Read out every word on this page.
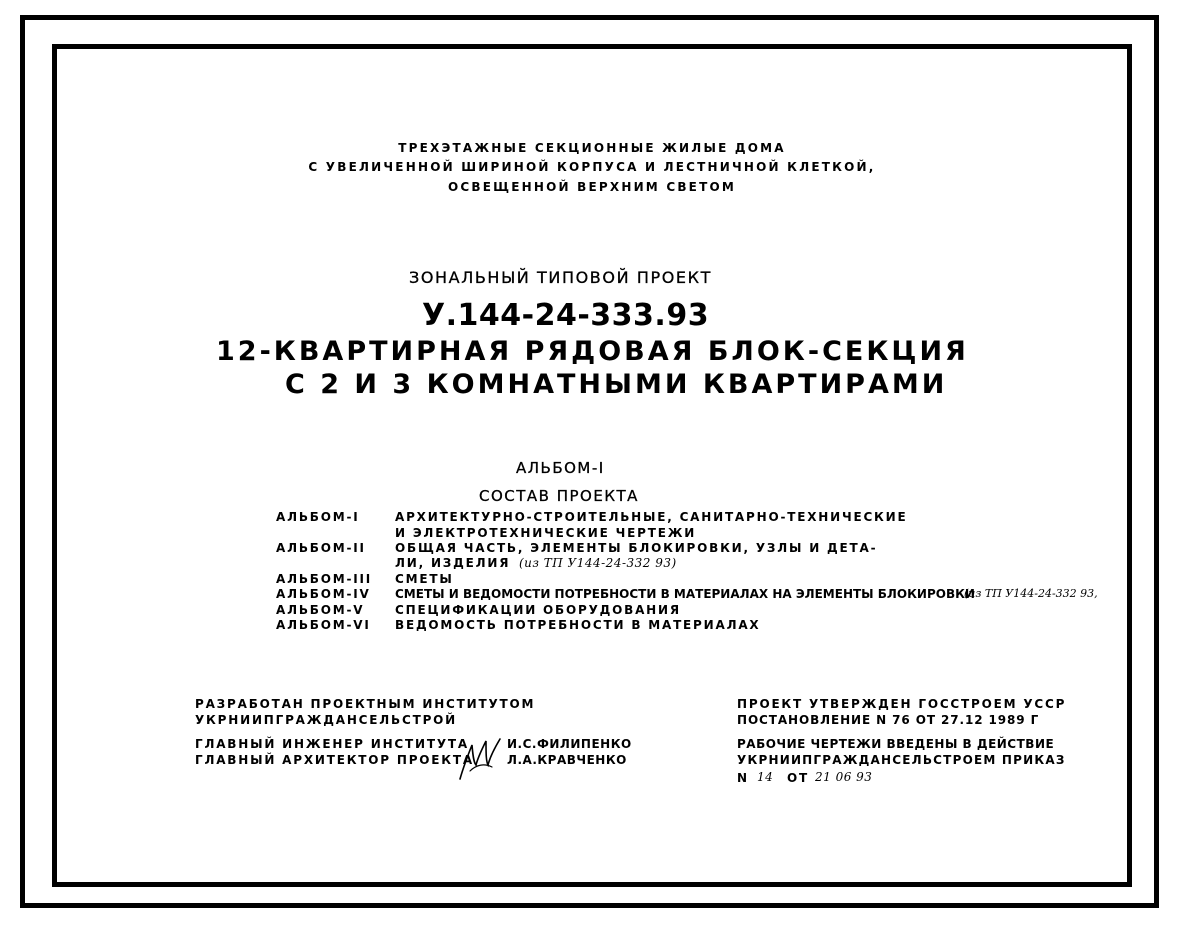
ТРЕХЭТАЖНЫЕ СЕКЦИОННЫЕ ЖИЛЫЕ ДОМА
С УВЕЛИЧЕННОЙ ШИРИНОЙ КОРПУСА И ЛЕСТНИЧНОЙ КЛЕТКОЙ,
ОСВЕЩЕННОЙ ВЕРХНИМ СВЕТОМ
ЗОНАЛЬНЫЙ ТИПОВОЙ ПРОЕКТ
У.144-24-333.93
12-КВАРТИРНАЯ РЯДОВАЯ БЛОК-СЕКЦИЯ
С 2 И 3 КОМНАТНЫМИ КВАРТИРАМИ
АЛЬБОМ-I
СОСТАВ ПРОЕКТА
АЛЬБОМ-I	АРХИТЕКТУРНО-СТРОИТЕЛЬНЫЕ, САНИТАРНО-ТЕХНИЧЕСКИЕ
И ЭЛЕКТРОТЕХНИЧЕСКИЕ ЧЕРТЕЖИ
АЛЬБОМ-II ОБЩАЯ ЧАСТЬ, ЭЛЕМЕНТЫ БЛОКИРОВКИ, УЗЛЫ И ДЕТА-
ЛИ, ИЗДЕЛИЯ (из ТП У144-24-332 93)
АЛЬБОМ-III СМЕТЫ
АЛЬБОМ-IV СМЕТЫ И ВЕДОМОСТИ ПОТРЕБНОСТИ В МАТЕРИАЛАХ НА ЭЛЕМЕНТЫ БЛОКИРОВКИ
(из ТП У144-24-332 93,
АЛЬБОМ-V	СПЕЦИФИКАЦИИ ОБОРУДОВАНИЯ
АЛЬБОМ-VI ВЕДОМОСТЬ ПОТРЕБНОСТИ В МАТЕРИАЛАХ
РАЗРАБОТАН ПРОЕКТНЫМ ИНСТИТУТОМ
УКРНИИПГРАЖДАНСЕЛЬСТРОЙ
ГЛАВНЫЙ ИНЖЕНЕР ИНСТИТУТА
ГЛАВНЫЙ АРХИТЕКТОР ПРОЕКТА
И.С.ФИЛИПЕНКО
Л.А.КРАВЧЕНКО
ПРОЕКТ УТВЕРЖДЕН ГОССТРОЕМ УССР
ПОСТАНОВЛЕНИЕ N 76 ОТ 27.12 1989 Г
РАБОЧИЕ ЧЕРТЕЖИ ВВЕДЕНЫ В ДЕЙСТВИЕ
УКРНИИПГРАЖДАНСЕЛЬСТРОЕМ ПРИКАЗ
N 14 ОТ 21 06 93
